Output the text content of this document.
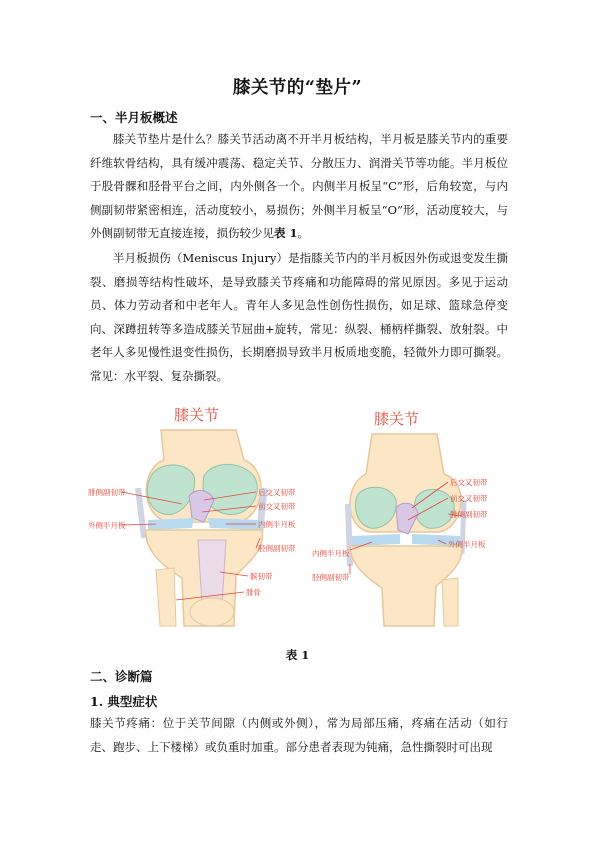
膝关节的“垫片”
一、半月板概述

膝关节垫片是什么？膝关节活动离不开半月板结构，半月板是膝关节内的重要纤维软骨结构，具有缓冲震荡、稳定关节、分散压力、润滑关节等功能。半月板位于股骨髁和胫骨平台之间，内外侧各一个。内侧半月板呈“C”形，后角较宽，与内侧副韧带紧密相连，活动度较小，易损伤；外侧半月板呈“O”形，活动度较大，与外侧副韧带无直接连接，损伤较少见表 1。

半月板损伤（Meniscus Injury）是指膝关节内的半月板因外伤或退变发生撕裂、磨损等结构性破坏，是导致膝关节疼痛和功能障碍的常见原因。多见于运动员、体力劳动者和中老年人。青年人多见急性创伤性损伤，如足球、篮球急停变向、深蹲扭转等多造成膝关节屈曲+旋转，常见：纵裂、桶柄样撕裂、放射裂。中老年人多见慢性退变性损伤，长期磨损导致半月板质地变脆，轻微外力即可撕裂。常见：水平裂、复杂撕裂。

膝关节
腓侧副韧带
外侧半月板
后交叉韧带
前交叉韧带
内侧半月板
胫侧副韧带
髌韧带
腓骨
膝关节
后交叉韧带
前交叉韧带
腓侧副韧带
外侧半月板
内侧半月板
胫侧副韧带
表 1
二、诊断篇
1. 典型症状

膝关节疼痛：位于关节间隙（内侧或外侧），常为局部压痛，疼痛在活动（如行走、跑步、上下楼梯）或负重时加重。部分患者表现为钝痛，急性撕裂时可出现
